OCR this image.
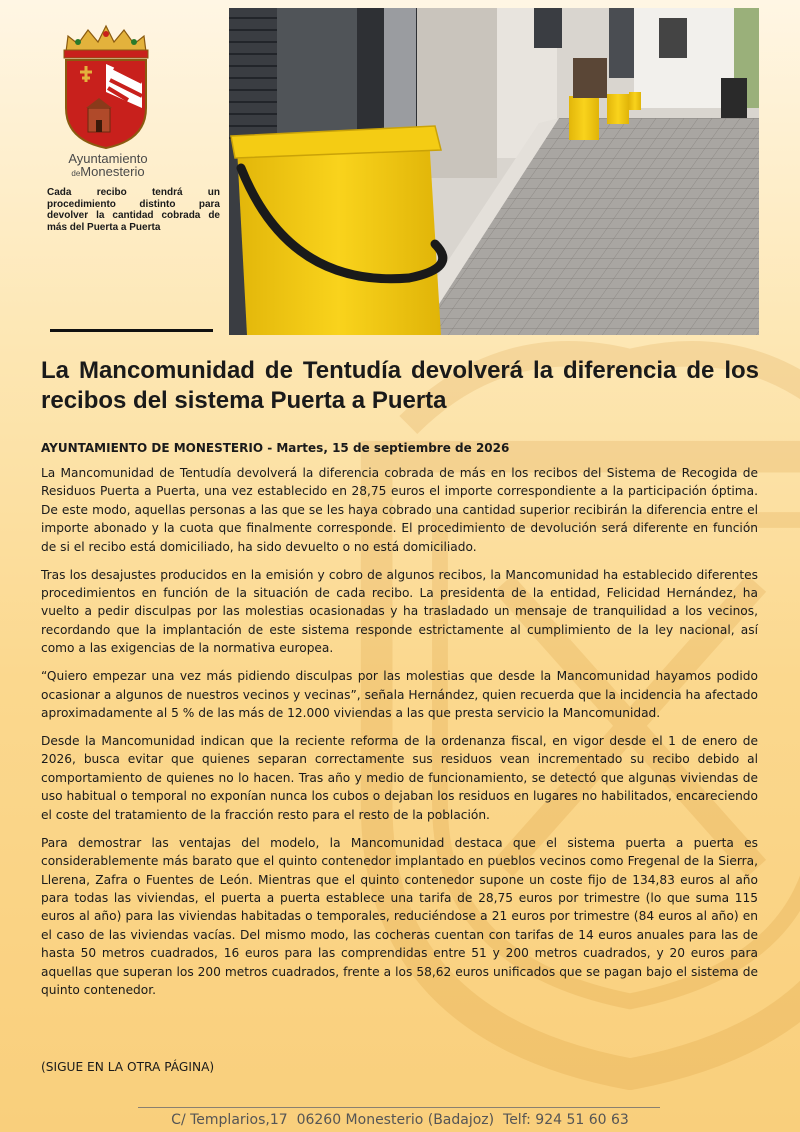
Ayuntamiento
deMonesterio
Cada recibo tendrá un procedimiento distinto para devolver la cantidad cobrada de más del Puerta a Puerta
La Mancomunidad de Tentudía devolverá la diferencia de los recibos del sistema Puerta a Puerta
AYUNTAMIENTO DE MONESTERIO - Martes, 15 de septiembre de 2026

La Mancomunidad de Tentudía devolverá la diferencia cobrada de más en los recibos del Sistema de Recogida de Residuos Puerta a Puerta, una vez establecido en 28,75 euros el importe correspondiente a la participación óptima. De este modo, aquellas personas a las que se les haya cobrado una cantidad superior recibirán la diferencia entre el importe abonado y la cuota que finalmente corresponde. El procedimiento de devolución será diferente en función de si el recibo está domiciliado, ha sido devuelto o no está domiciliado.

Tras los desajustes producidos en la emisión y cobro de algunos recibos, la Mancomunidad ha establecido diferentes procedimientos en función de la situación de cada recibo. La presidenta de la entidad, Felicidad Hernández, ha vuelto a pedir disculpas por las molestias ocasionadas y ha trasladado un mensaje de tranquilidad a los vecinos, recordando que la implantación de este sistema responde estrictamente al cumplimiento de la ley nacional, así como a las exigencias de la normativa europea.

“Quiero empezar una vez más pidiendo disculpas por las molestias que desde la Mancomunidad hayamos podido ocasionar a algunos de nuestros vecinos y vecinas”, señala Hernández, quien recuerda que la incidencia ha afectado aproximadamente al 5 % de las más de 12.000 viviendas a las que presta servicio la Mancomunidad.

Desde la Mancomunidad indican que la reciente reforma de la ordenanza fiscal, en vigor desde el 1 de enero de 2026, busca evitar que quienes separan correctamente sus residuos vean incrementado su recibo debido al comportamiento de quienes no lo hacen. Tras año y medio de funcionamiento, se detectó que algunas viviendas de uso habitual o temporal no exponían nunca los cubos o dejaban los residuos en lugares no habilitados, encareciendo el coste del tratamiento de la fracción resto para el resto de la población.

Para demostrar las ventajas del modelo, la Mancomunidad destaca que el sistema puerta a puerta es considerablemente más barato que el quinto contenedor implantado en pueblos vecinos como Fregenal de la Sierra, Llerena, Zafra o Fuentes de León. Mientras que el quinto contenedor supone un coste fijo de 134,83 euros al año para todas las viviendas, el puerta a puerta establece una tarifa de 28,75 euros por trimestre (lo que suma 115 euros al año) para las viviendas habitadas o temporales, reduciéndose a 21 euros por trimestre (84 euros al año) en el caso de las viviendas vacías. Del mismo modo, las cocheras cuentan con tarifas de 14 euros anuales para las de hasta 50 metros cuadrados, 16 euros para las comprendidas entre 51 y 200 metros cuadrados, y 20 euros para aquellas que superan los 200 metros cuadrados, frente a los 58,62 euros unificados que se pagan bajo el sistema de quinto contenedor.

(SIGUE EN LA OTRA PÁGINA)
C/ Templarios,17  06260 Monesterio (Badajoz)  Telf: 924 51 60 63
